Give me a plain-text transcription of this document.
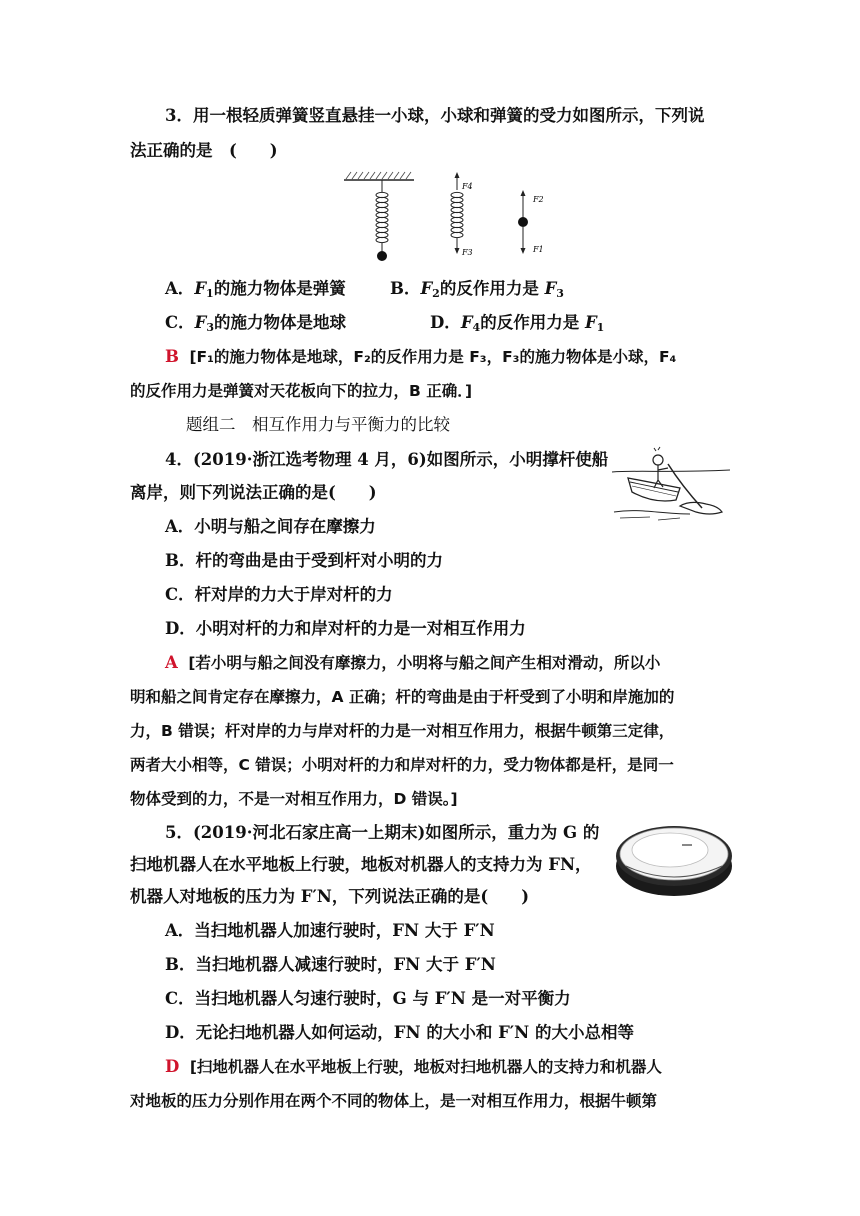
3．用一根轻质弹簧竖直悬挂一小球，小球和弹簧的受力如图所示，下列说
法正确的是　(　　)
F4
F3
F2
F1
A．$F_1$的施力物体是弹簧	B．$F_2$的反作用力是 $F_3$
C．$F_3$的施力物体是地球	D．$F_4$的反作用力是 $F_1$
B [F₁的施力物体是地球，F₂的反作用力是 F₃，F₃的施力物体是小球，F₄
的反作用力是弹簧对天花板向下的拉力，B 正确．]
题组二　相互作用力与平衡力的比较
4．(2019·浙江选考物理 4 月，6)如图所示，小明撑杆使船
离岸，则下列说法正确的是(　　)
A．小明与船之间存在摩擦力
B．杆的弯曲是由于受到杆对小明的力
C．杆对岸的力大于岸对杆的力
D．小明对杆的力和岸对杆的力是一对相互作用力
A [若小明与船之间没有摩擦力，小明将与船之间产生相对滑动，所以小
明和船之间肯定存在摩擦力，A 正确；杆的弯曲是由于杆受到了小明和岸施加的
力，B 错误；杆对岸的力与岸对杆的力是一对相互作用力，根据牛顿第三定律，
两者大小相等，C 错误；小明对杆的力和岸对杆的力，受力物体都是杆，是同一
物体受到的力，不是一对相互作用力，D 错误。]
5．(2019·河北石家庄高一上期末)如图所示，重力为 G 的
扫地机器人在水平地板上行驶，地板对机器人的支持力为 FN，
机器人对地板的压力为 F′N，下列说法正确的是(　　)
A．当扫地机器人加速行驶时，FN 大于 F′N
B．当扫地机器人减速行驶时，FN 大于 F′N
C．当扫地机器人匀速行驶时，G 与 F′N 是一对平衡力
D．无论扫地机器人如何运动，FN 的大小和 F′N 的大小总相等
D [扫地机器人在水平地板上行驶，地板对扫地机器人的支持力和机器人
对地板的压力分别作用在两个不同的物体上，是一对相互作用力，根据牛顿第
